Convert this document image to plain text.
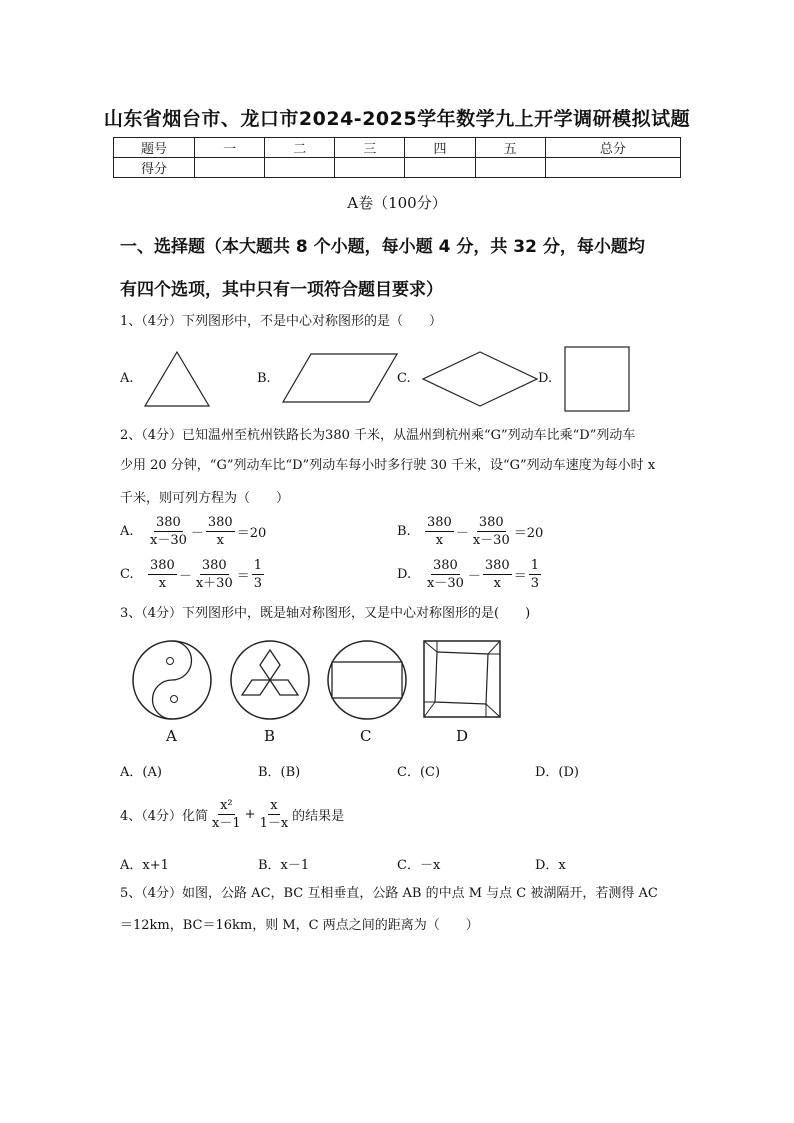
山东省烟台市、龙口市2024-2025学年数学九上开学调研模拟试题
题号	一	二	三	四	五	总分
得分						
A卷（100分）
一、选择题（本大题共 8 个小题，每小题 4 分，共 32 分，每小题均
有四个选项，其中只有一项符合题目要求）
1、（4分）下列图形中，不是中心对称图形的是（　　）
A.	B.	C.	D.
2、（4分）已知温州至杭州铁路长为380 千米，从温州到杭州乘“G”列动车比乘“D”列动车
少用 20 分钟，“G”列动车比“D”列动车每小时多行驶 30 千米，设“G”列动车速度为每小时 x
千米，则可列方程为（　　）
A.	$\frac{380}{x-30} - \frac{380}{x} =20$	B.	$\frac{380}{x} - \frac{380}{x-30} =20$
C.	$\frac{380}{x} - \frac{380}{x+30} = \frac{1}{3}$	D.	$\frac{380}{x-30} - \frac{380}{x} = \frac{1}{3}$
3、（4分）下列图形中，既是轴对称图形，又是中心对称图形的是(　　)
A	B	C	D
A．(A)	B．(B)	C．(C)	D．(D)
4、（4分）化简 $\frac{\text{x²}}{x-1} + \frac{x}{1-x}$ 的结果是
A．x+1	B．x－1	C．－x	D．x
5、（4分）如图，公路 AC，BC 互相垂直，公路 AB 的中点 M 与点 C 被湖隔开，若测得 AC
＝12km，BC＝16km，则 M，C 两点之间的距离为（　　）
